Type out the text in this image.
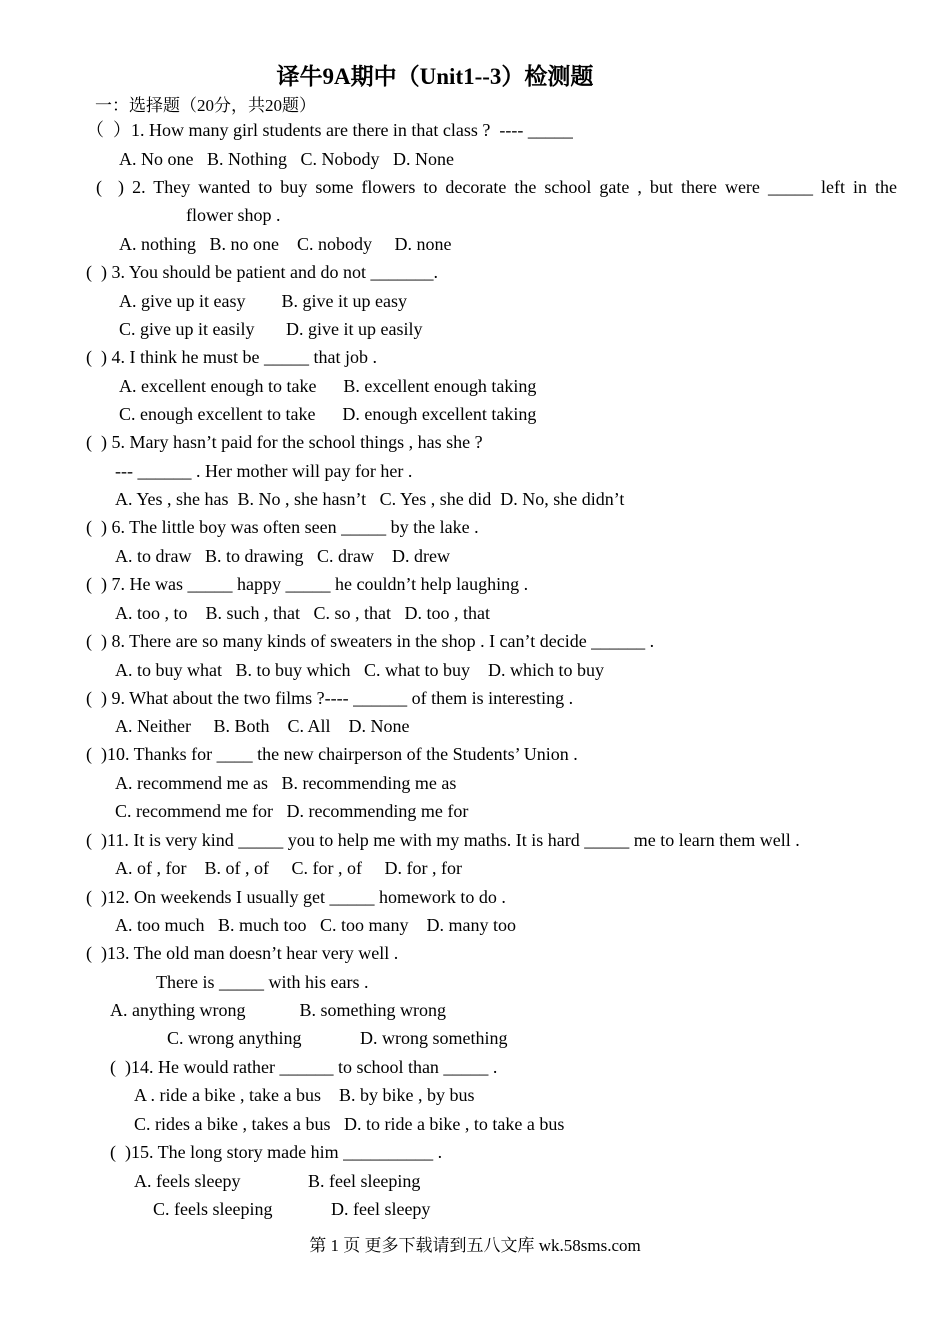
译牛9A期中（Unit1--3）检测题
一：选择题（20分，共20题）
（  ）1. How many girl students are there in that class ?  ---- _____
A. No one   B. Nothing   C. Nobody   D. None
(  ) 2. They wanted to buy some flowers to decorate the school gate , but there were _____ left in the
flower shop .
A. nothing   B. no one    C. nobody     D. none
(  ) 3. You should be patient and do not _______.
A. give up it easy        B. give it up easy
C. give up it easily       D. give it up easily
(  ) 4. I think he must be _____ that job .
A. excellent enough to take      B. excellent enough taking
C. enough excellent to take      D. enough excellent taking
(  ) 5. Mary hasn’t paid for the school things , has she ?
--- ______ . Her mother will pay for her .
A. Yes , she has  B. No , she hasn’t   C. Yes , she did  D. No, she didn’t
(  ) 6. The little boy was often seen _____ by the lake .
A. to draw   B. to drawing   C. draw    D. drew
(  ) 7. He was _____ happy _____ he couldn’t help laughing .
A. too , to    B. such , that   C. so , that   D. too , that
(  ) 8. There are so many kinds of sweaters in the shop . I can’t decide ______ .
A. to buy what   B. to buy which   C. what to buy    D. which to buy
(  ) 9. What about the two films ?---- ______ of them is interesting .
A. Neither     B. Both    C. All    D. None
(  )10. Thanks for ____ the new chairperson of the Students’ Union .
A. recommend me as   B. recommending me as
C. recommend me for   D. recommending me for
(  )11. It is very kind _____ you to help me with my maths. It is hard _____ me to learn them well .
A. of , for    B. of , of     C. for , of     D. for , for
(  )12. On weekends I usually get _____ homework to do .
A. too much   B. much too   C. too many    D. many too
(  )13. The old man doesn’t hear very well .
There is _____ with his ears .
A. anything wrong            B. something wrong
C. wrong anything             D. wrong something
(  )14. He would rather ______ to school than _____ .
A . ride a bike , take a bus    B. by bike , by bus
C. rides a bike , takes a bus   D. to ride a bike , to take a bus
(  )15. The long story made him __________ .
A. feels sleepy               B. feel sleeping
C. feels sleeping             D. feel sleepy
第 1 页 更多下载请到五八文库 wk.58sms.com
